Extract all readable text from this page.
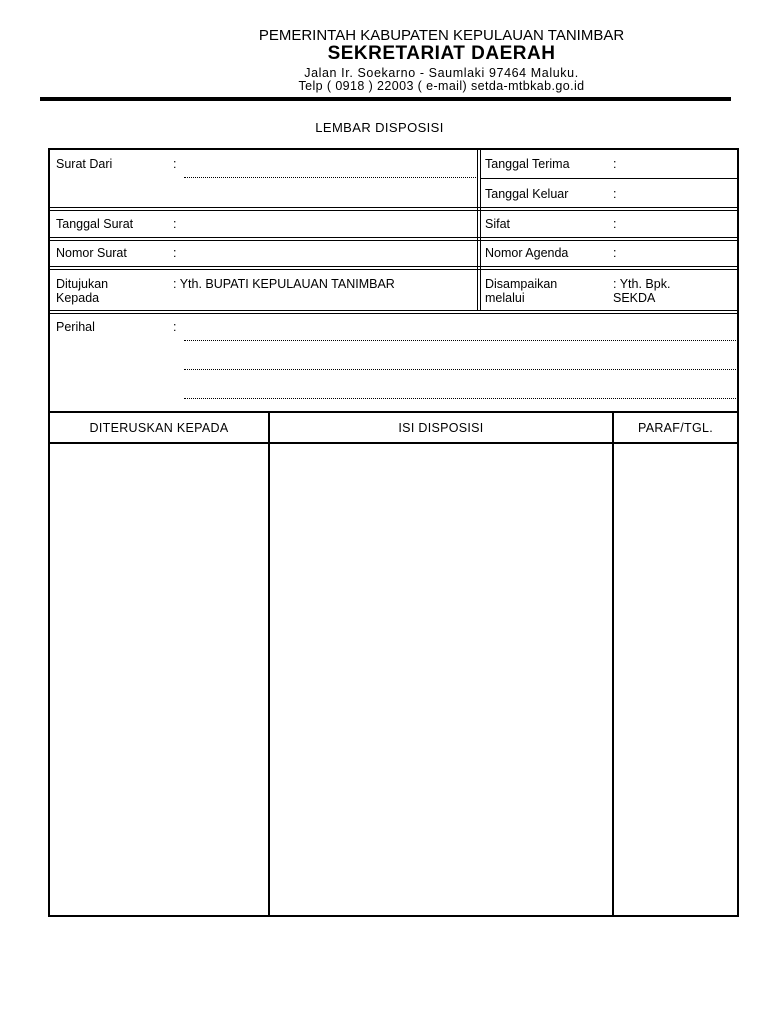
PEMERINTAH KABUPATEN KEPULAUAN TANIMBAR
SEKRETARIAT DAERAH
Jalan Ir. Soekarno - Saumlaki 97464 Maluku.
Telp ( 0918 ) 22003 ( e-mail) setda-mtbkab.go.id
LEMBAR DISPOSISI
Surat Dari	:
Tanggal Surat	:
Nomor Surat	:
Ditujukan
Kepada
: Yth. BUPATI KEPULAUAN TANIMBAR
Perihal	:
Tanggal Terima	:
Tanggal Keluar	:
Sifat	:
Nomor Agenda	:
Disampaikan
melalui
: Yth. Bpk.
SEKDA
DITERUSKAN KEPADA	ISI DISPOSISI	PARAF/TGL.
